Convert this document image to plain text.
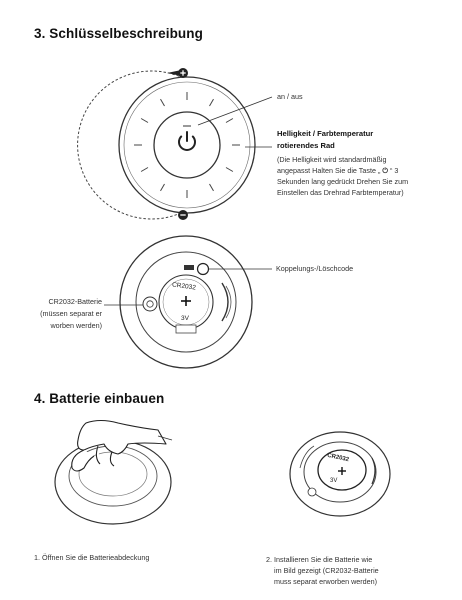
3. Schlüsselbeschreibung
an / aus
Helligkeit / Farbtemperatur
rotierendes Rad
(Die Helligkeit wird standardmäßig
angepasst Halten Sie die Taste „ ⏻ “ 3
Sekunden lang gedrückt Drehen Sie zum
Einstellen das Drehrad Farbtemperatur)
CR2032
3V
Koppelungs-/Löschcode
CR2032-Batterie
(müssen separat er
worben werden)
4. Batterie einbauen
CR2032
3V
1. Öffnen Sie die Batterieabdeckung	2. Installieren Sie die Batterie wie
im Bild gezeigt (CR2032-Batterie
muss separat erworben werden)
